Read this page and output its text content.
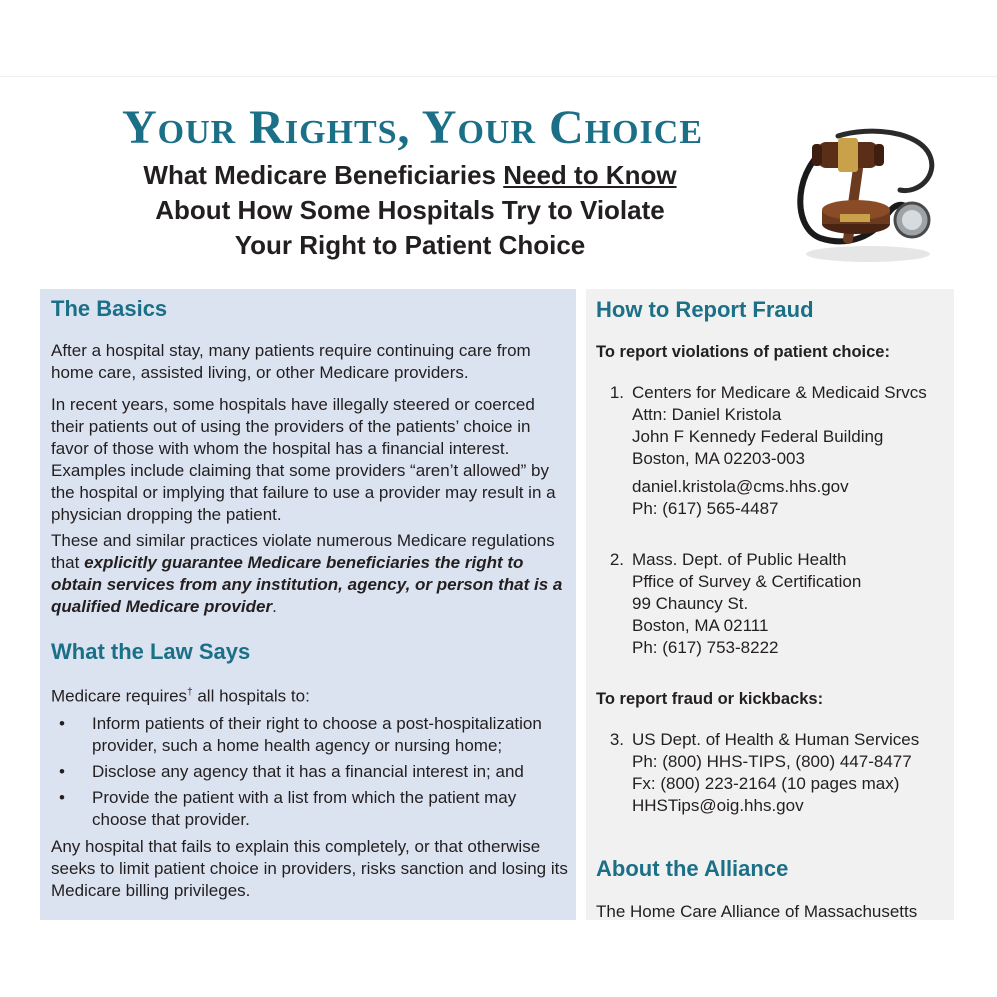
Your Rights, Your Choice
What Medicare Beneficiaries Need to Know
About How Some Hospitals Try to Violate
Your Right to Patient Choice
The Basics

After a hospital stay, many patients require continuing care from home care, assisted living, or other Medicare providers.

In recent years, some hospitals have illegally steered or coerced their patients out of using the providers of the patients’ choice in favor of those with whom the hospital has a financial interest. Examples include claiming that some providers “aren’t allowed” by the hospital or implying that failure to use a provider may result in a physician dropping the patient.

These and similar practices violate numerous Medicare regulations that explicitly guarantee Medicare beneficiaries the right to obtain services from any institution, agency, or person that is a qualified Medicare provider.

What the Law Says

Medicare requires† all hospitals to:

• Inform patients of their right to choose a post-hospitalization provider, such a home health agency or nursing home;
• Disclose any agency that it has a financial interest in; and
• Provide the patient with a list from which the patient may choose that provider.

Any hospital that fails to explain this completely, or that otherwise seeks to limit patient choice in providers, risks sanction and losing its Medicare billing privileges.

How to Report Fraud
To report violations of patient choice:
1. Centers for Medicare & Medicaid Srvcs
Attn: Daniel Kristola
John F Kennedy Federal Building
Boston, MA 02203-003
daniel.kristola@cms.hhs.gov
Ph: (617) 565-4487
2. Mass. Dept. of Public Health
Pffice of Survey & Certification
99 Chauncy St.
Boston, MA 02111
Ph: (617) 753-8222
To report fraud or kickbacks:
3. US Dept. of Health & Human Services
Ph: (800) HHS-TIPS, (800) 447-8477
Fx: (800) 223-2164 (10 pages max)
HHSTips@oig.hhs.gov
About the Alliance
The Home Care Alliance of Massachusetts
